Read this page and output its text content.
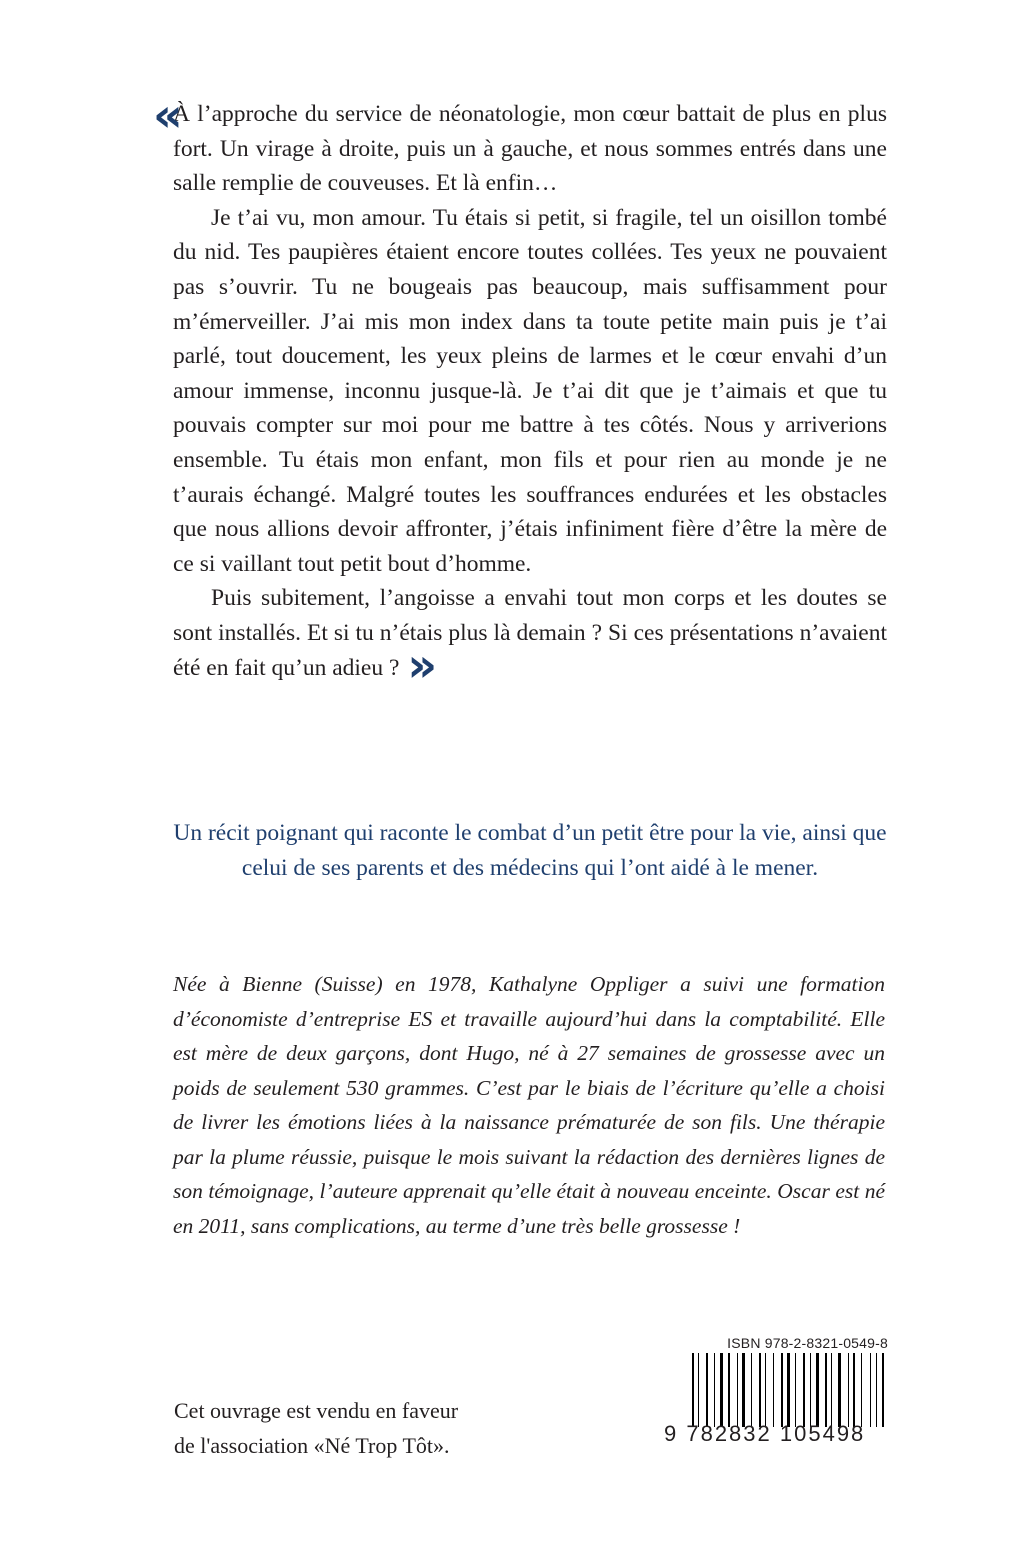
«

À l’approche du service de néonatologie, mon cœur battait de plus en plus fort. Un virage à droite, puis un à gauche, et nous sommes entrés dans une salle remplie de couveuses. Et là enfin…

Je t’ai vu, mon amour. Tu étais si petit, si fragile, tel un oisillon tombé du nid. Tes paupières étaient encore toutes collées. Tes yeux ne pouvaient pas s’ouvrir. Tu ne bougeais pas beaucoup, mais suffisamment pour m’émerveiller. J’ai mis mon index dans ta toute petite main puis je t’ai parlé, tout doucement, les yeux pleins de larmes et le cœur envahi d’un amour immense, inconnu jusque-là. Je t’ai dit que je t’aimais et que tu pouvais compter sur moi pour me battre à tes côtés. Nous y arriverions ensemble. Tu étais mon enfant, mon fils et pour rien au monde je ne t’aurais échangé. Malgré toutes les souffrances endurées et les obstacles que nous allions devoir affronter, j’étais infiniment fière d’être la mère de ce si vaillant tout petit bout d’homme.

Puis subitement, l’angoisse a envahi tout mon corps et les doutes se sont installés. Et si tu n’étais plus là demain ? Si ces présentations n’avaient été en fait qu’un adieu ? »

Un récit poignant qui raconte le combat d’un petit être pour la vie, ainsi que celui de ses parents et des médecins qui l’ont aidé à le mener.
Née à Bienne (Suisse) en 1978, Kathalyne Oppliger a suivi une formation d’économiste d’entreprise ES et travaille aujourd’hui dans la comptabilité. Elle est mère de deux garçons, dont Hugo, né à 27 semaines de grossesse avec un poids de seulement 530 grammes. C’est par le biais de l’écriture qu’elle a choisi de livrer les émotions liées à la naissance prématurée de son fils. Une thérapie par la plume réussie, puisque le mois suivant la rédaction des dernières lignes de son témoignage, l’auteure apprenait qu’elle était à nouveau enceinte. Oscar est né en 2011, sans complications, au terme d’une très belle grossesse !
Cet ouvrage est vendu en faveur
de l'association «Né Trop Tôt».
ISBN 978-2-8321-0549-8
9 782832 105498
